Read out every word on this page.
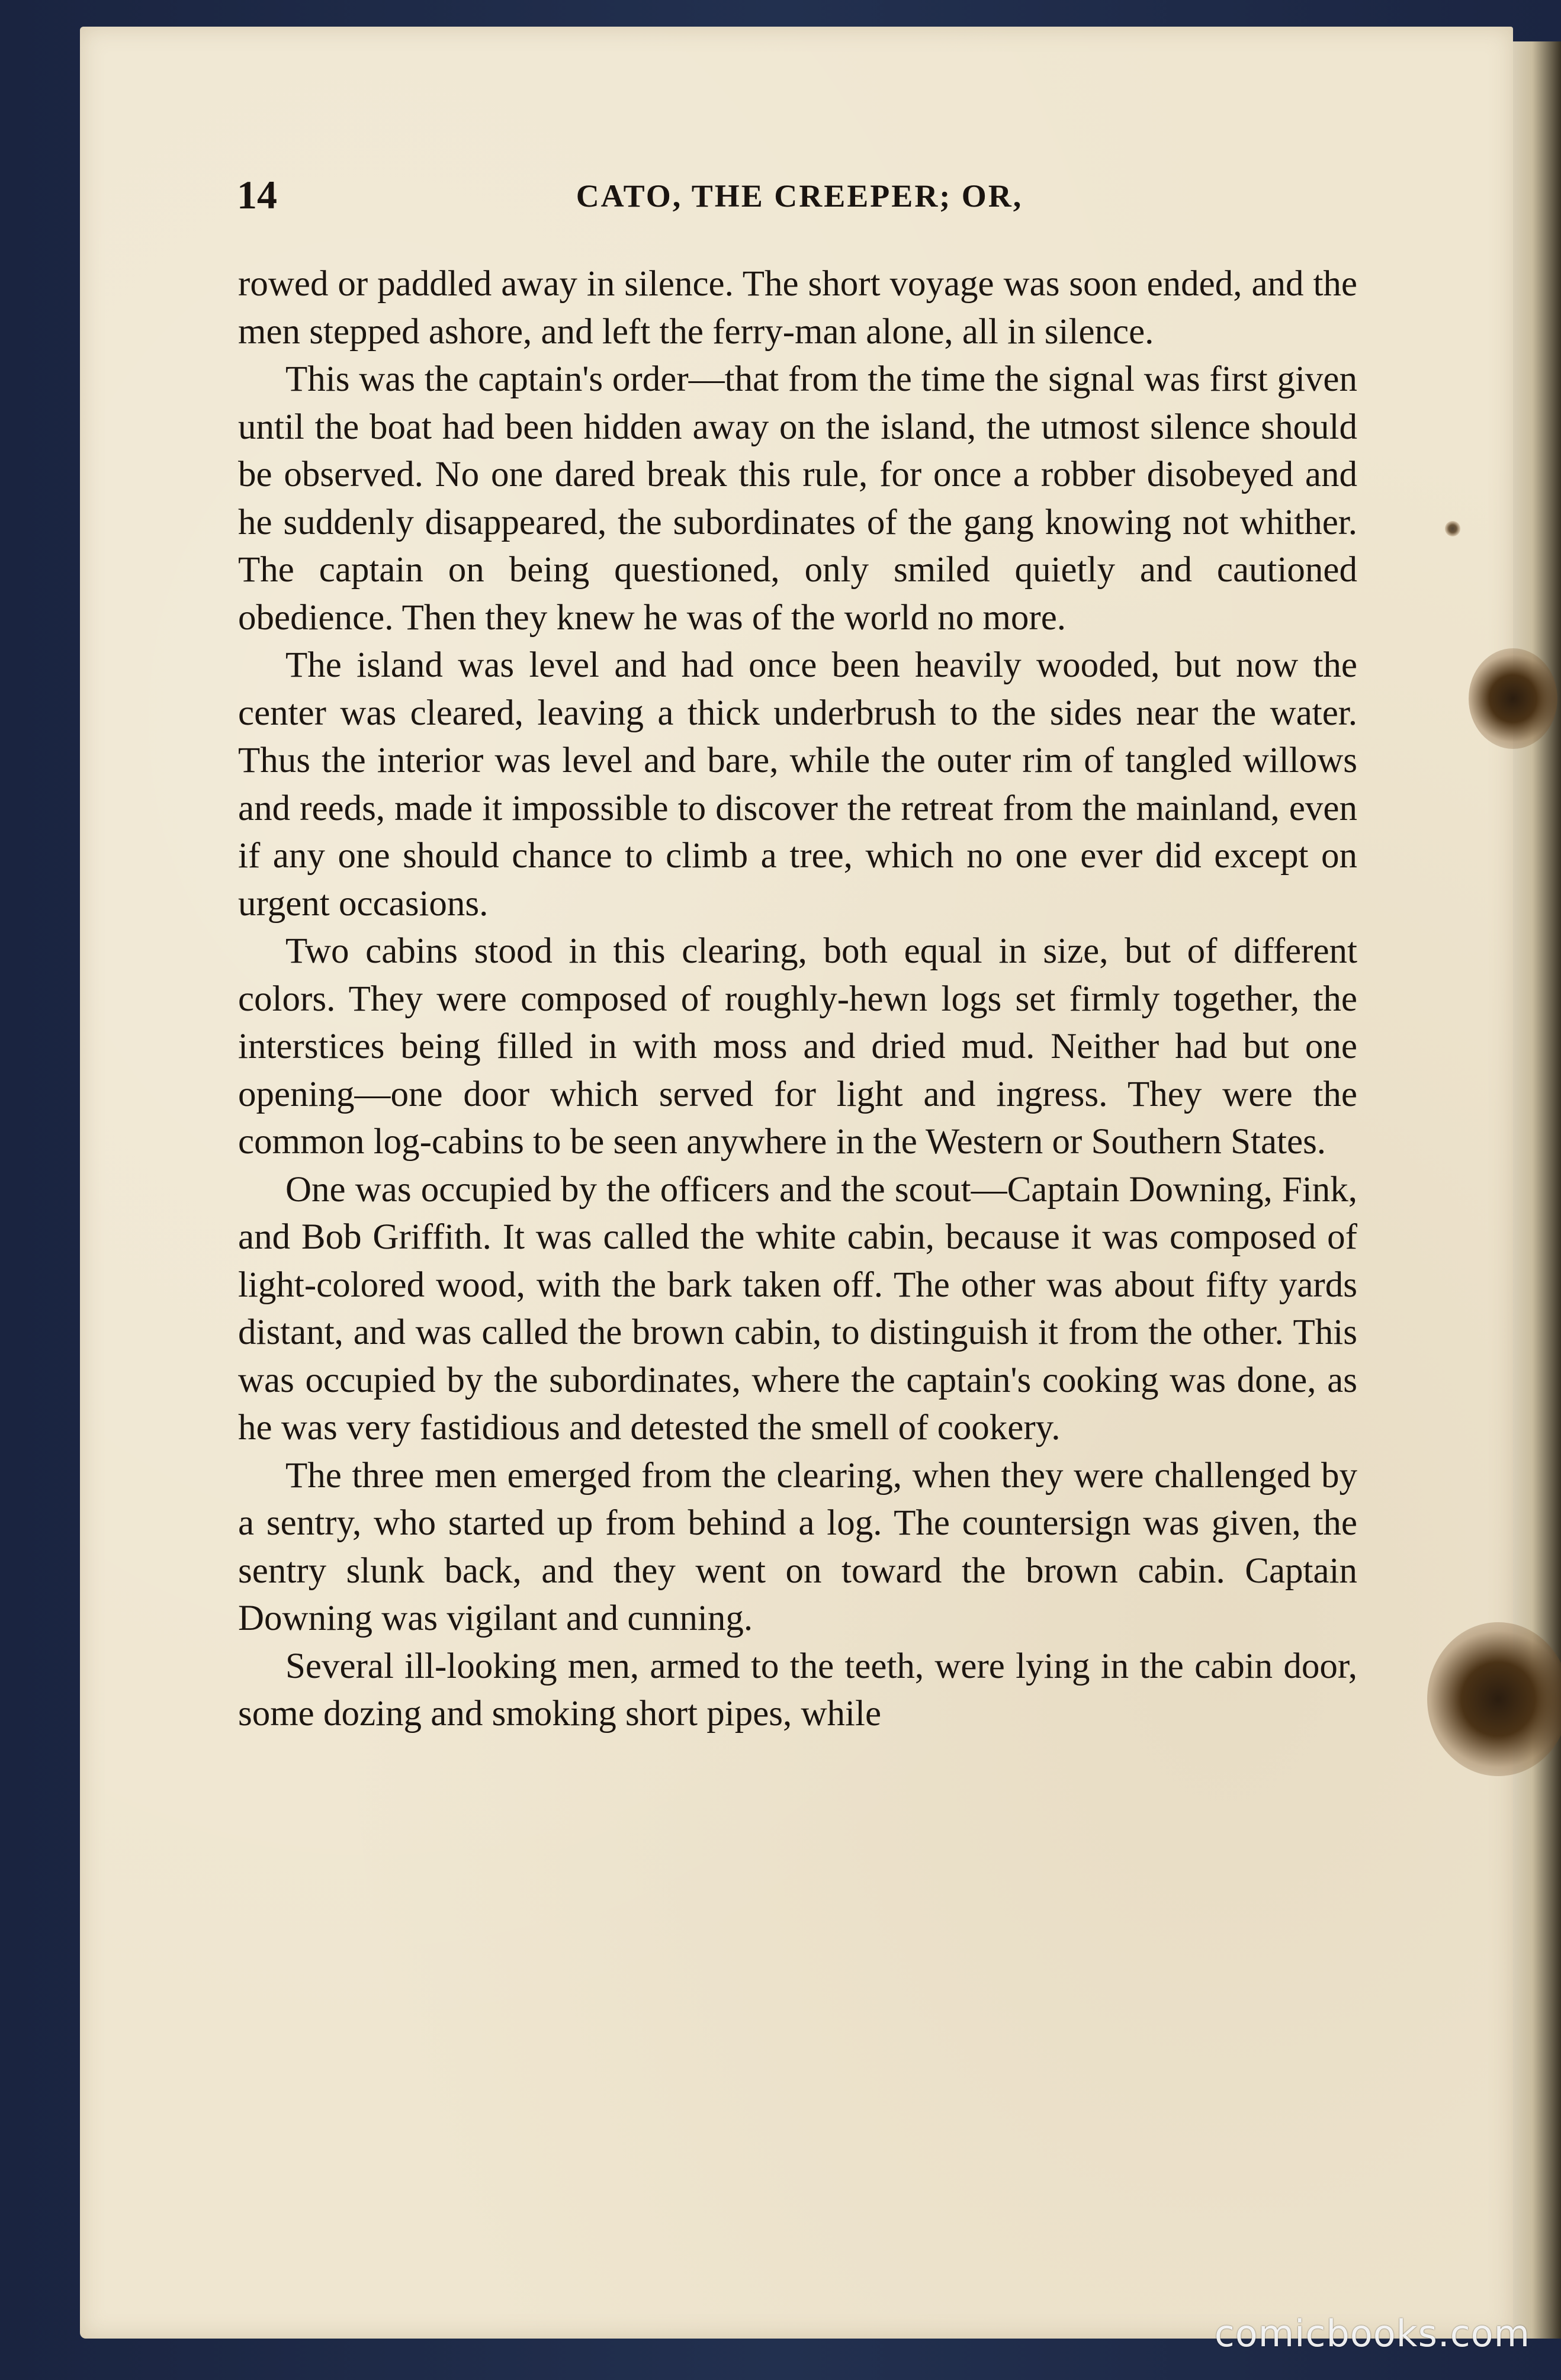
14	CATO, THE CREEPER; OR,

rowed or paddled away in silence. The short voyage was soon ended, and the men stepped ashore, and left the ferry-man alone, all in silence.

This was the captain's order—that from the time the signal was first given until the boat had been hidden away on the island, the utmost silence should be observed. No one dared break this rule, for once a robber disobeyed and he suddenly disappeared, the subordinates of the gang knowing not whither. The captain on being questioned, only smiled quietly and cautioned obedience. Then they knew he was of the world no more.

The island was level and had once been heavily wooded, but now the center was cleared, leaving a thick underbrush to the sides near the water. Thus the interior was level and bare, while the outer rim of tangled willows and reeds, made it impossible to discover the retreat from the mainland, even if any one should chance to climb a tree, which no one ever did except on urgent occasions.

Two cabins stood in this clearing, both equal in size, but of different colors. They were composed of roughly-hewn logs set firmly together, the interstices being filled in with moss and dried mud. Neither had but one opening—one door which served for light and ingress. They were the common log-cabins to be seen anywhere in the Western or Southern States.

One was occupied by the officers and the scout—Captain Downing, Fink, and Bob Griffith. It was called the white cabin, because it was composed of light-colored wood, with the bark taken off. The other was about fifty yards distant, and was called the brown cabin, to distinguish it from the other. This was occupied by the subordinates, where the captain's cooking was done, as he was very fastidious and detested the smell of cookery.

The three men emerged from the clearing, when they were challenged by a sentry, who started up from behind a log. The countersign was given, the sentry slunk back, and they went on toward the brown cabin. Captain Downing was vigilant and cunning.

Several ill-looking men, armed to the teeth, were lying in the cabin door, some dozing and smoking short pipes, while

comicbooks.com
